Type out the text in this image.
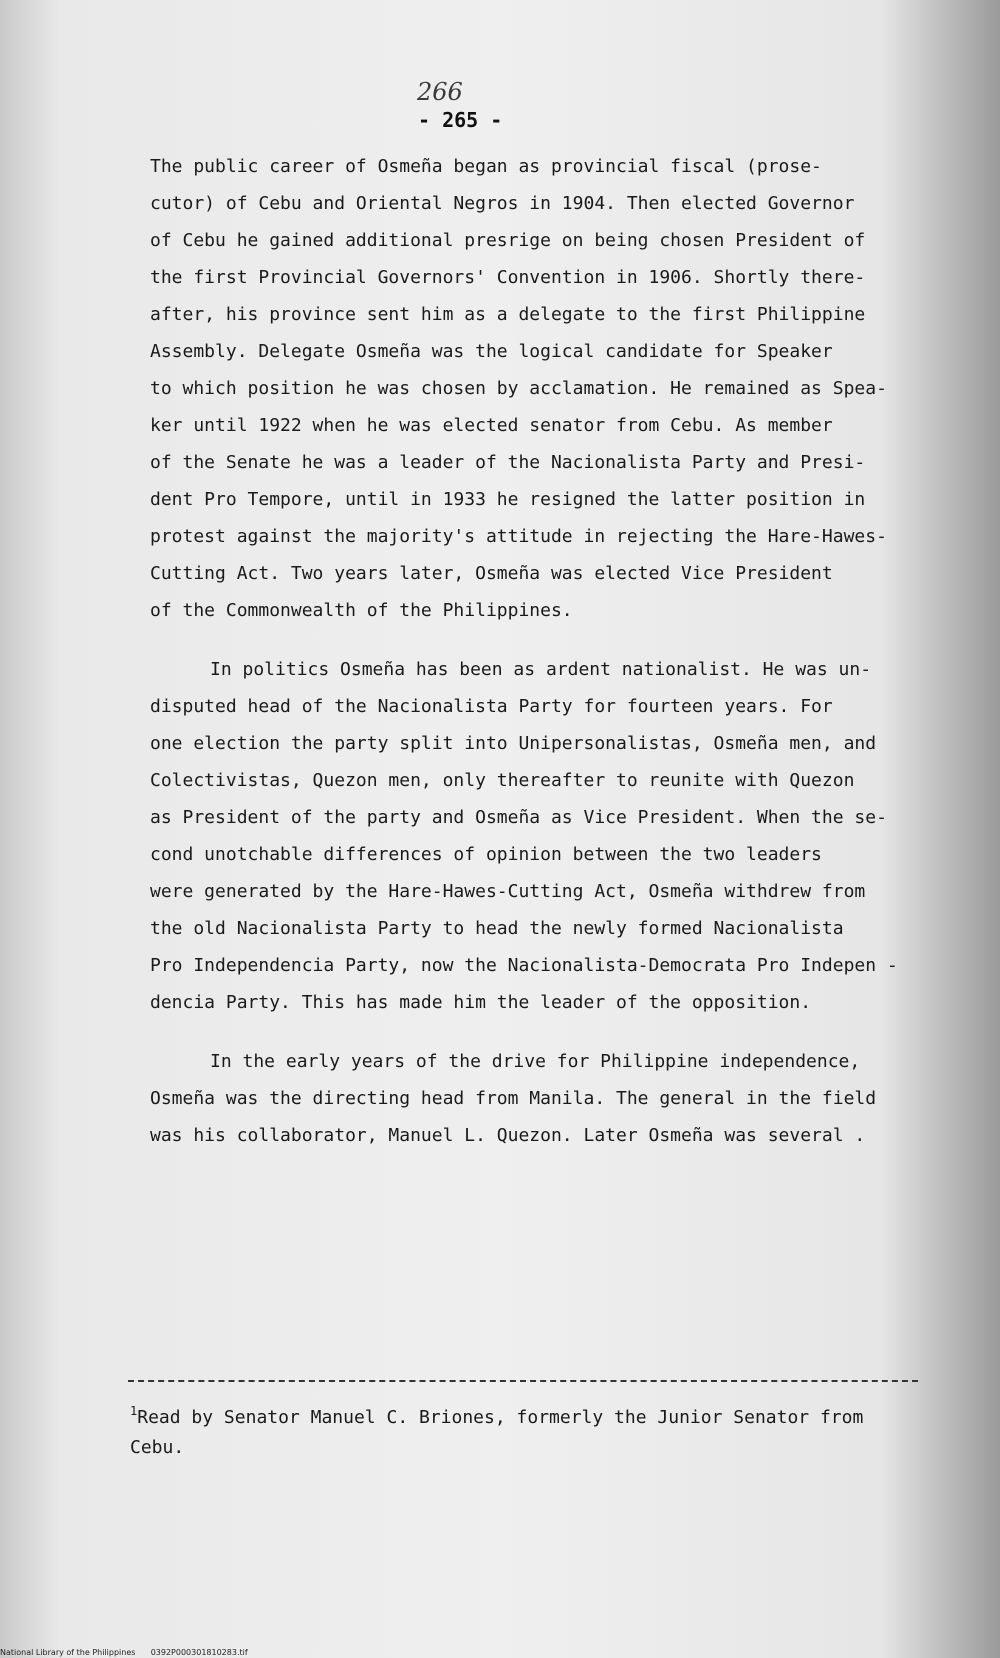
266
- 265 -

The public career of Osmeña began as provincial fiscal (prose-
cutor) of Cebu and Oriental Negros in 1904. Then elected Governor
of Cebu he gained additional presrige on being chosen President of
the first Provincial Governors' Convention in 1906. Shortly there-
after, his province sent him as a delegate to the first Philippine
Assembly. Delegate Osmeña was the logical candidate for Speaker
to which position he was chosen by acclamation. He remained as Spea-
ker until 1922 when he was elected senator from Cebu. As member
of the Senate he was a leader of the Nacionalista Party and Presi-
dent Pro Tempore, until in 1933 he resigned the latter position in
protest against the majority's attitude in rejecting the Hare-Hawes-
Cutting Act. Two years later, Osmeña was elected Vice President
of the Commonwealth of the Philippines.

In politics Osmeña has been as ardent nationalist. He was un-
disputed head of the Nacionalista Party for fourteen years. For
one election the party split into Unipersonalistas, Osmeña men, and
Colectivistas, Quezon men, only thereafter to reunite with Quezon
as President of the party and Osmeña as Vice President. When the se-
cond unotchable differences of opinion between the two leaders
were generated by the Hare-Hawes-Cutting Act, Osmeña withdrew from
the old Nacionalista Party to head the newly formed Nacionalista
Pro Independencia Party, now the Nacionalista-Democrata Pro Indepen -
dencia Party. This has made him the leader of the opposition.

In the early years of the drive for Philippine independence,
Osmeña was the directing head from Manila. The general in the field
was his collaborator, Manuel L. Quezon. Later Osmeña was several .

$^1$Read by Senator Manuel C. Briones, formerly the Junior Senator from
Cebu.
National Library of the Philippines 0392P000301810283.tif
